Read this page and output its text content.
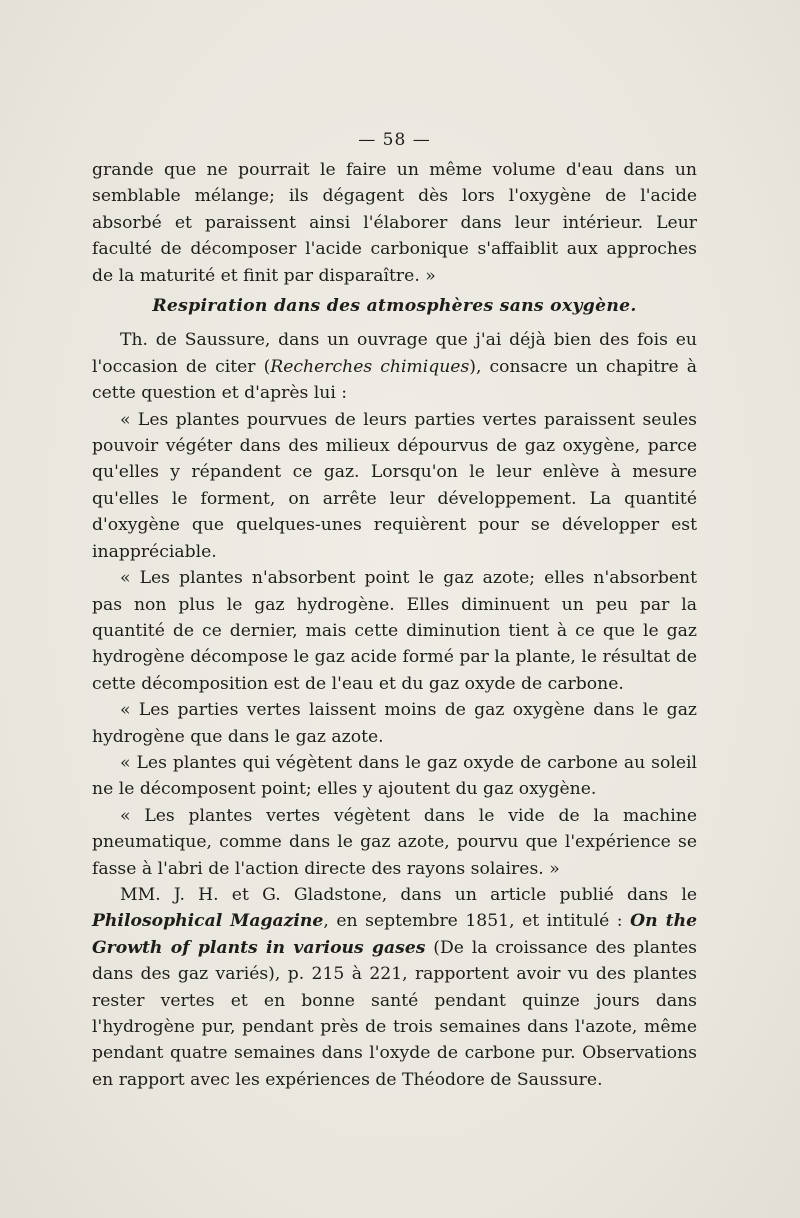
— 58 —

grande que ne pourrait le faire un même volume d'eau dans un semblable mélange; ils dégagent dès lors l'oxygène de l'acide absorbé et paraissent ainsi l'élaborer dans leur intérieur. Leur faculté de décomposer l'acide carbonique s'affaiblit aux approches de la maturité et finit par disparaître. »

Respiration dans des atmosphères sans oxygène.

Th. de Saussure, dans un ouvrage que j'ai déjà bien des fois eu l'occasion de citer (Recherches chimiques), consacre un chapitre à cette question et d'après lui :

« Les plantes pourvues de leurs parties vertes paraissent seules pouvoir végéter dans des milieux dépourvus de gaz oxygène, parce qu'elles y répandent ce gaz. Lorsqu'on le leur enlève à mesure qu'elles le forment, on arrête leur développement. La quantité d'oxygène que quelques-unes requièrent pour se développer est inappréciable.

« Les plantes n'absorbent point le gaz azote; elles n'absorbent pas non plus le gaz hydrogène. Elles diminuent un peu par la quantité de ce dernier, mais cette diminution tient à ce que le gaz hydrogène décompose le gaz acide formé par la plante, le résultat de cette décomposition est de l'eau et du gaz oxyde de carbone.

« Les parties vertes laissent moins de gaz oxygène dans le gaz hydrogène que dans le gaz azote.

« Les plantes qui végètent dans le gaz oxyde de carbone au soleil ne le décomposent point; elles y ajoutent du gaz oxygène.

« Les plantes vertes végètent dans le vide de la machine pneumatique, comme dans le gaz azote, pourvu que l'expérience se fasse à l'abri de l'action directe des rayons solaires. »

MM. J. H. et G. Gladstone, dans un article publié dans le Philosophical Magazine, en septembre 1851, et intitulé : On the Growth of plants in various gases (De la croissance des plantes dans des gaz variés), p. 215 à 221, rapportent avoir vu des plantes rester vertes et en bonne santé pendant quinze jours dans l'hydrogène pur, pendant près de trois semaines dans l'azote, même pendant quatre semaines dans l'oxyde de carbone pur. Observations en rapport avec les expériences de Théodore de Saussure.
